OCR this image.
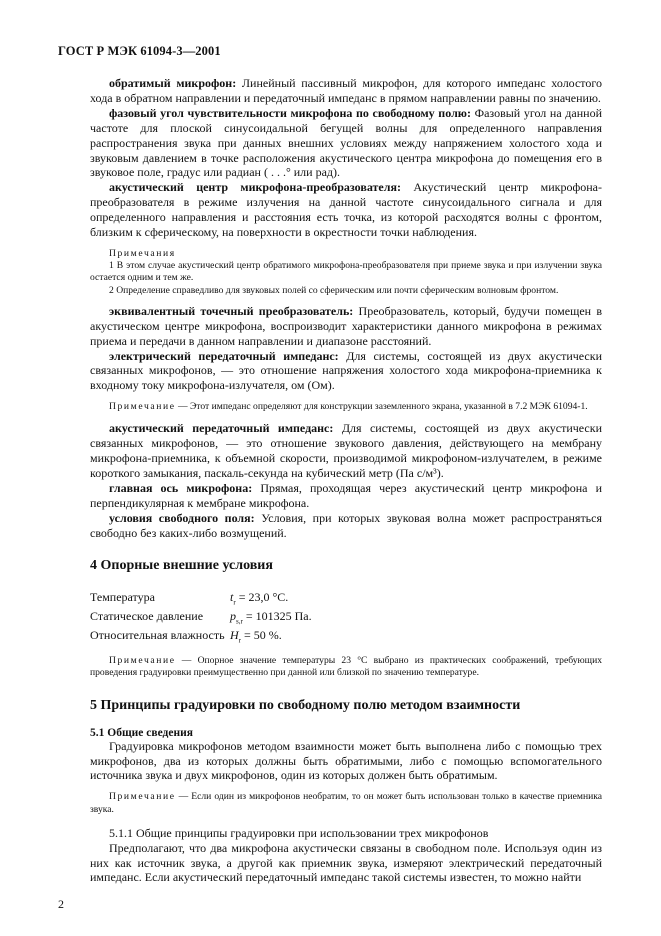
ГОСТ Р МЭК 61094-3—2001

обратимый микрофон: Линейный пассивный микрофон, для которого импеданс холостого хода в обратном направлении и передаточный импеданс в прямом направлении равны по значению.

фазовый угол чувствительности микрофона по свободному полю: Фазовый угол на данной частоте для плоской синусоидальной бегущей волны для определенного направления распространения звука при данных внешних условиях между напряжением холостого хода и звуковым давлением в точке расположения акустического центра микрофона до помещения его в звуковое поле, градус или радиан ( . . .° или рад).

акустический центр микрофона-преобразователя: Акустический центр микрофона-преобразователя в режиме излучения на данной частоте синусоидального сигнала и для определенного направления и расстояния есть точка, из которой расходятся волны с фронтом, близким к сферическому, на поверхности в окрестности точки наблюдения.

Примечания

1 В этом случае акустический центр обратимого микрофона-преобразователя при приеме звука и при излучении звука остается одним и тем же.

2 Определение справедливо для звуковых полей со сферическим или почти сферическим волновым фронтом.

эквивалентный точечный преобразователь: Преобразователь, который, будучи помещен в акустическом центре микрофона, воспроизводит характеристики данного микрофона в режимах приема и передачи в данном направлении и диапазоне расстояний.

электрический передаточный импеданс: Для системы, состоящей из двух акустически связанных микрофонов, — это отношение напряжения холостого хода микрофона-приемника к входному току микрофона-излучателя, ом (Ом).

Примечание — Этот импеданс определяют для конструкции заземленного экрана, указанной в 7.2 МЭК 61094-1.

акустический передаточный импеданс: Для системы, состоящей из двух акустически связанных микрофонов, — это отношение звукового давления, действующего на мембрану микрофона-приемника, к объемной скорости, производимой микрофоном-излучателем, в режиме короткого замыкания, паскаль-секунда на кубический метр (Па с/м³).

главная ось микрофона: Прямая, проходящая через акустический центр микрофона и перпендикулярная к мембране микрофона.

условия свободного поля: Условия, при которых звуковая волна может распространяться свободно без каких-либо возмущений.

4 Опорные внешние условия
Температура	$t_r = 23,0$ °С.
Статическое давление	$p_{s,r} = 101325$ Па.
Относительная влажность $H_r = 50$ %.

Примечание — Опорное значение температуры 23 °С выбрано из практических соображений, требующих проведения градуировки преимущественно при данной или близкой по значению температуре.

5 Принципы градуировки по свободному полю методом взаимности
5.1 Общие сведения

Градуировка микрофонов методом взаимности может быть выполнена либо с помощью трех микрофонов, два из которых должны быть обратимыми, либо с помощью вспомогательного источника звука и двух микрофонов, один из которых должен быть обратимым.

Примечание — Если один из микрофонов необратим, то он может быть использован только в качестве приемника звука.

5.1.1 Общие принципы градуировки при использовании трех микрофонов

Предполагают, что два микрофона акустически связаны в свободном поле. Используя один из них как источник звука, а другой как приемник звука, измеряют электрический передаточный импеданс. Если акустический передаточный импеданс такой системы известен, то можно найти

2
